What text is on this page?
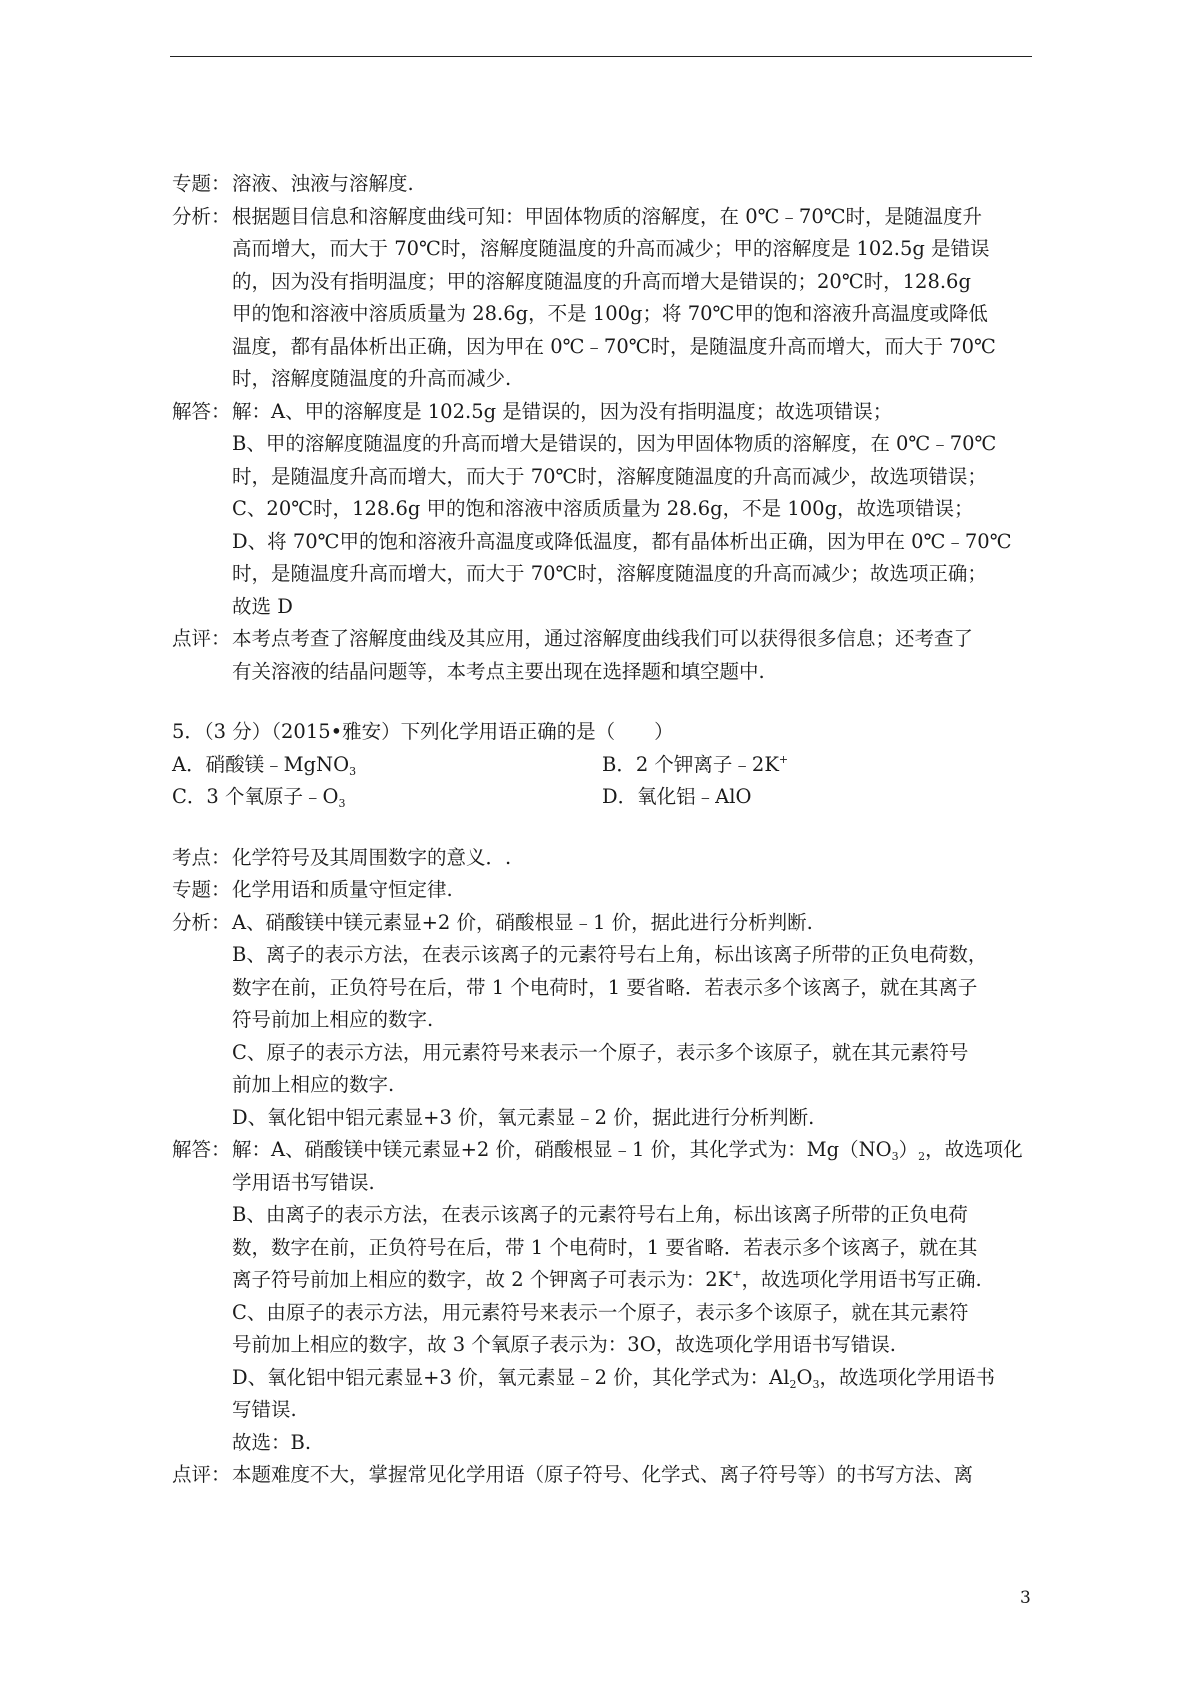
专题： 溶液、浊液与溶解度.
分析： 根据题目信息和溶解度曲线可知：甲固体物质的溶解度，在 0℃﹣70℃时，是随温度升
高而增大，而大于 70℃时，溶解度随温度的升高而减少；甲的溶解度是 102.5g 是错误
的，因为没有指明温度；甲的溶解度随温度的升高而增大是错误的；20℃时，128.6g
甲的饱和溶液中溶质质量为 28.6g，不是 100g；将 70℃甲的饱和溶液升高温度或降低
温度，都有晶体析出正确，因为甲在 0℃﹣70℃时，是随温度升高而增大，而大于 70℃
时，溶解度随温度的升高而减少.
解答： 解：A、甲的溶解度是 102.5g 是错误的，因为没有指明温度；故选项错误；
B、甲的溶解度随温度的升高而增大是错误的，因为甲固体物质的溶解度，在 0℃﹣70℃
时，是随温度升高而增大，而大于 70℃时，溶解度随温度的升高而减少，故选项错误；
C、20℃时，128.6g 甲的饱和溶液中溶质质量为 28.6g，不是 100g，故选项错误；
D、将 70℃甲的饱和溶液升高温度或降低温度，都有晶体析出正确，因为甲在 0℃﹣70℃
时，是随温度升高而增大，而大于 70℃时，溶解度随温度的升高而减少；故选项正确；
故选 D
点评： 本考点考查了溶解度曲线及其应用，通过溶解度曲线我们可以获得很多信息；还考查了
有关溶液的结晶问题等，本考点主要出现在选择题和填空题中.
5．（3 分）（2015•雅安）下列化学用语正确的是（　　）
A．硝酸镁﹣MgNO$_3$	B．2 个钾离子﹣2K+
C．3 个氧原子$﹣O_3$	D．氧化铝﹣AlO
考点： 化学符号及其周围数字的意义．.
专题： 化学用语和质量守恒定律.
分析： A、硝酸镁中镁元素显+2 价，硝酸根显﹣1 价，据此进行分析判断.
B、离子的表示方法，在表示该离子的元素符号右上角，标出该离子所带的正负电荷数，
数字在前，正负符号在后，带 1 个电荷时，1 要省略．若表示多个该离子，就在其离子
符号前加上相应的数字.
C、原子的表示方法，用元素符号来表示一个原子，表示多个该原子，就在其元素符号
前加上相应的数字.
D、氧化铝中铝元素显+3 价，氧元素显﹣2 价，据此进行分析判断.
解答： 解：A、硝酸镁中镁元素显+2 价，硝酸根显﹣1 价，其化学式为：$Mg(NO_3)_2$，故选项化
学用语书写错误.
B、由离子的表示方法，在表示该离子的元素符号右上角，标出该离子所带的正负电荷
数，数字在前，正负符号在后，带 1 个电荷时，1 要省略．若表示多个该离子，就在其
离子符号前加上相应的数字，故 2 个钾离子可表示为：2K+，故选项化学用语书写正确.
C、由原子的表示方法，用元素符号来表示一个原子，表示多个该原子，就在其元素符
号前加上相应的数字，故 3 个氧原子表示为：3O，故选项化学用语书写错误.
D、氧化铝中铝元素显+3 价，氧元素显﹣2 价，其化学式为：$Al_2O_3$，故选项化学用语书
写错误.
故选：B.
点评： 本题难度不大，掌握常见化学用语（原子符号、化学式、离子符号等）的书写方法、离
3
